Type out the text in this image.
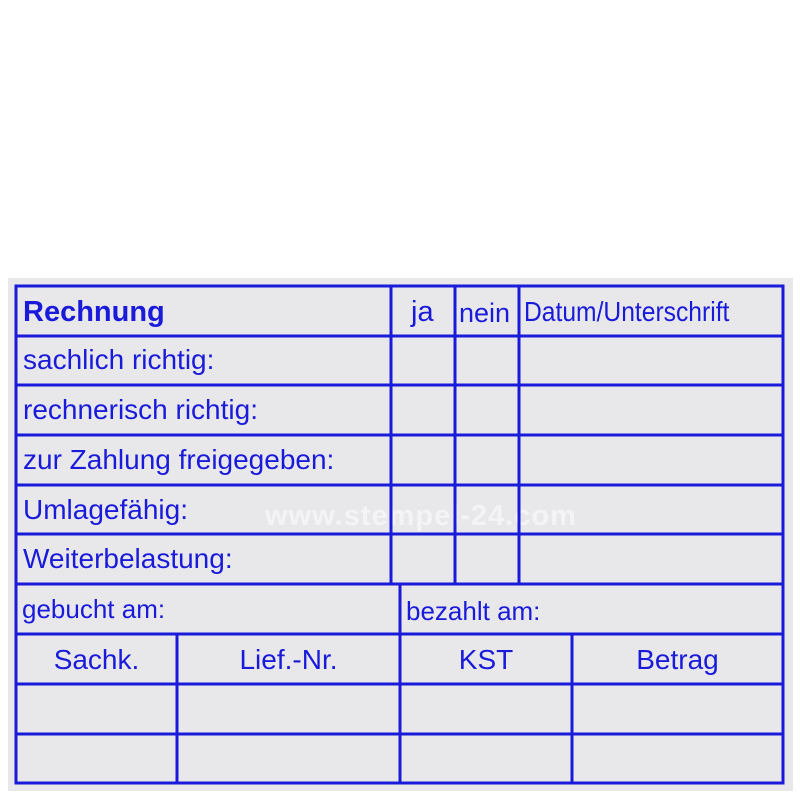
www.stempel-24.com
Rechnung	ja nein Datum/Unterschrift
sachlich richtig:
rechnerisch richtig:
zur Zahlung freigegeben:
Umlagefähig:
Weiterbelastung:
gebucht am:	bezahlt am:
Sachk.	Lief.-Nr.	KST	Betrag
